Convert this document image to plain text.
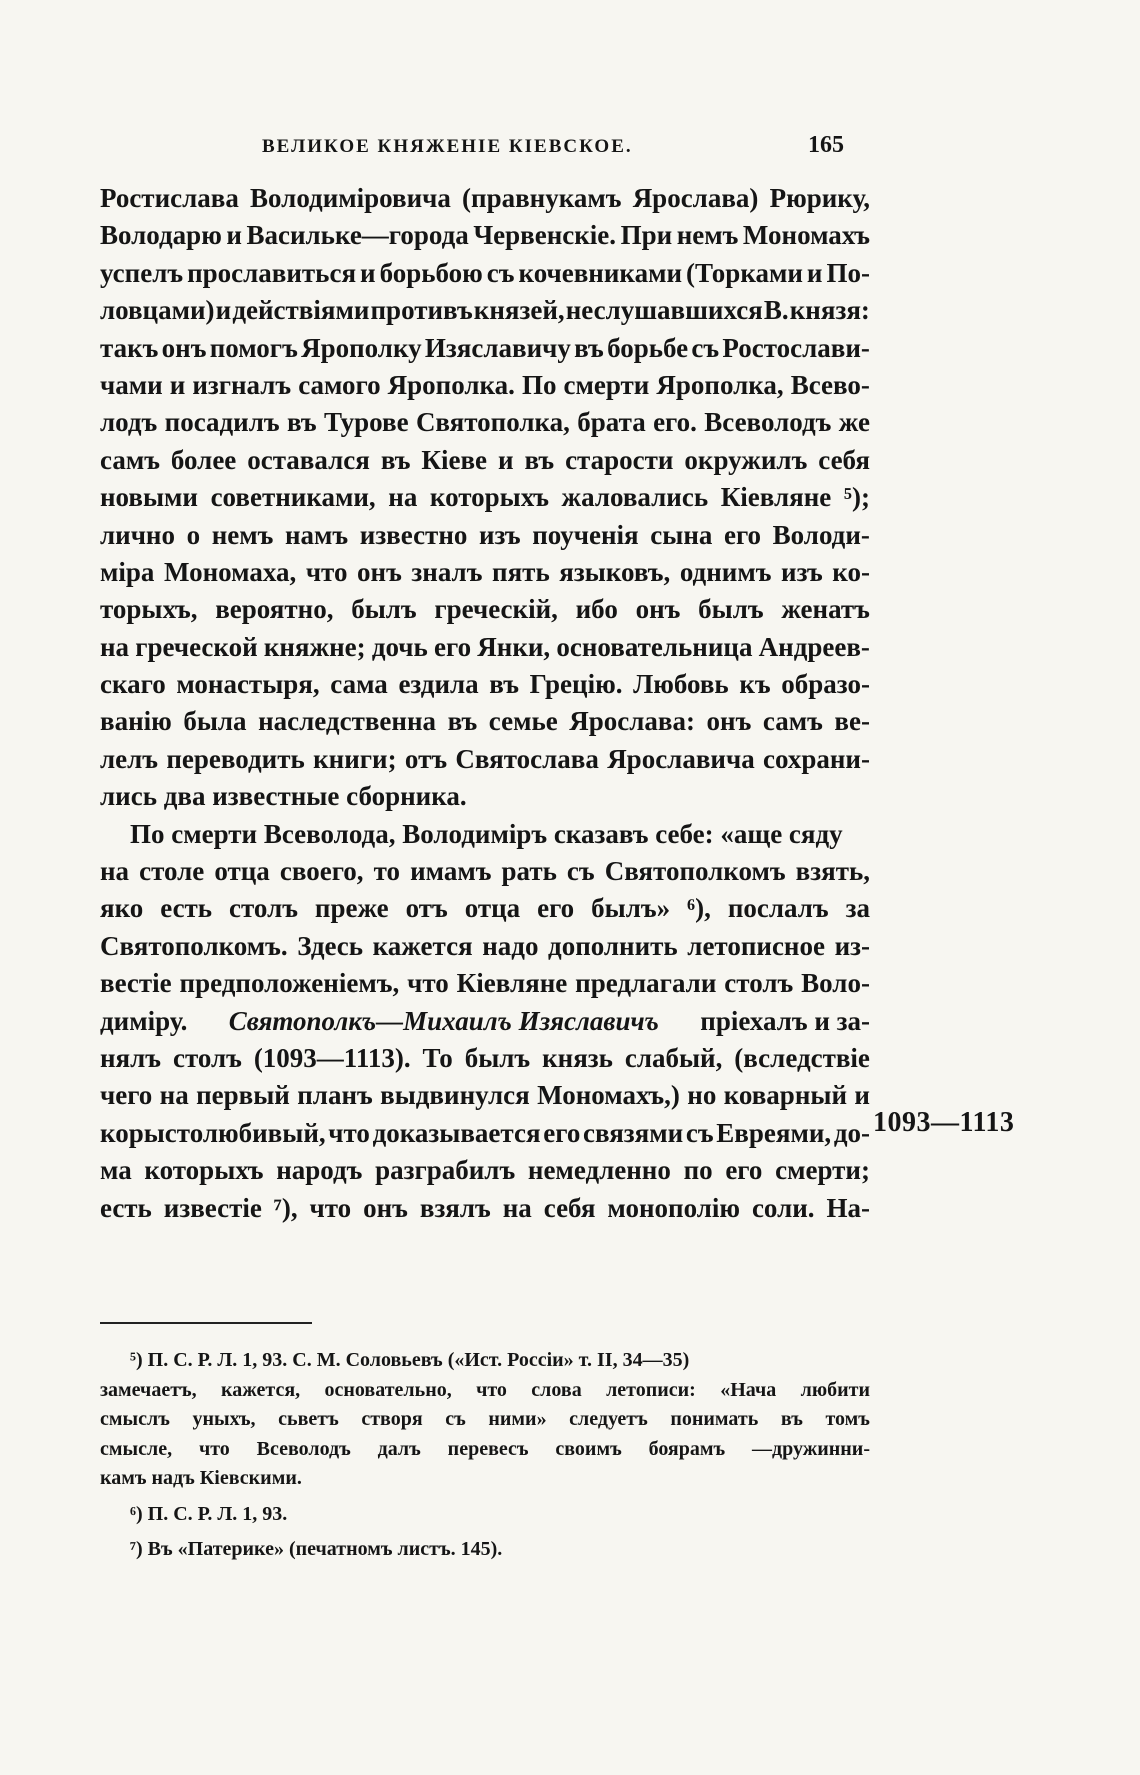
ВЕЛИКОЕ КНЯЖЕНІЕ КІЕВСКОЕ.	165
Ростислава Володиміровича (правнукамъ Ярослава) Рюрику,
Володарю и Васильке—города Червенскіе. При немъ Мономахъ
успелъ прославиться и борьбою съ кочевниками (Торками и По-
ловцами) и действіями противъ князей, неслушавшихся В. князя:
такъ онъ помогъ Ярополку Изяславичу въ борьбе съ Ростослави-
чами и изгналъ самого Ярополка. По смерти Ярополка, Всево-
лодъ посадилъ въ Турове Святополка, брата его. Всеволодъ же
самъ более оставался въ Кіеве и въ старости окружилъ себя
новыми советниками, на которыхъ жаловались Кіевляне ⁵);
лично о немъ намъ известно изъ поученія сына его Володи-
міра Мономаха, что онъ зналъ пять языковъ, однимъ изъ ко-
торыхъ, вероятно, былъ греческій, ибо онъ былъ женатъ
на греческой княжне; дочь его Янки, основательница Андреев-
скаго монастыря, сама ездила въ Грецію. Любовь къ образо-
ванію была наследственна въ семье Ярослава: онъ самъ ве-
лелъ переводить книги; отъ Святослава Ярославича сохрани-
лись два известные сборника.
По смерти Всеволода, Володиміръ сказавъ себе: «аще сяду
на столе отца своего, то имамъ рать съ Святополкомъ взять,
яко есть столъ преже отъ отца его былъ» ⁶), послалъ за
Святополкомъ. Здесь кажется надо дополнить летописное из-
вестіе предположеніемъ, что Кіевляне предлагали столъ Воло-
диміру. Святополкъ—Михаилъ Изяславичъ пріехалъ и за-
нялъ столъ (1093—1113). То былъ князь слабый, (вследствіе
чего на первый планъ выдвинулся Мономахъ,) но коварный и
корыстолюбивый, что доказывается его связями съ Евреями, до-
ма которыхъ народъ разграбилъ немедленно по его смерти;
есть известіе ⁷), что онъ взялъ на себя монополію соли. На-
1093—1113
⁵) П. С. Р. Л. 1, 93. С. М. Соловьевъ («Ист. Россіи» т. II, 34—35)
замечаетъ, кажется, основательно, что слова летописи: «Нача любити
смыслъ уныхъ, сьветъ створя съ ними» следуетъ понимать въ томъ
смысле, что Всеволодъ далъ перевесъ своимъ боярамъ —дружинни-
камъ надъ Кіевскими.
⁶) П. С. Р. Л. 1, 93.
⁷) Въ «Патерике» (печатномъ листъ. 145).
